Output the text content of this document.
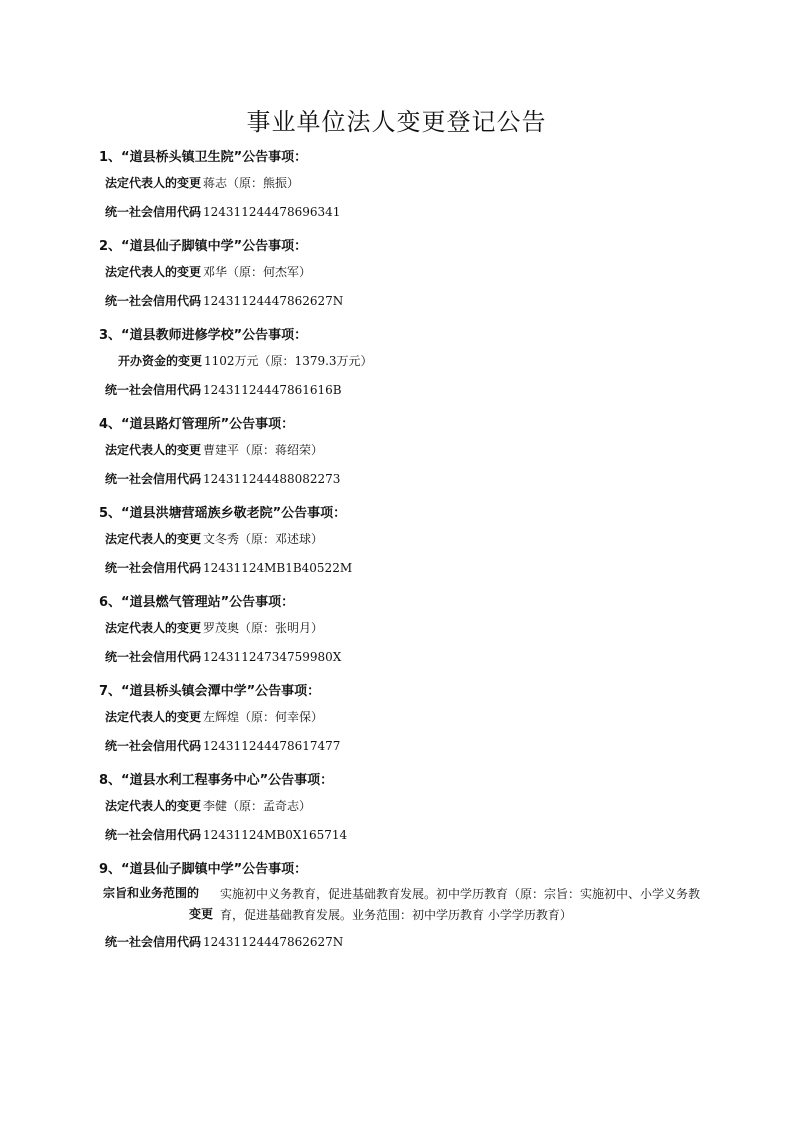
事业单位法人变更登记公告
1、“道县桥头镇卫生院”公告事项：
法定代表人的变更 蒋志（原：熊振）
统一社会信用代码 124311244478696341
2、“道县仙子脚镇中学”公告事项：
法定代表人的变更 邓华（原：何杰军）
统一社会信用代码 12431124447862627N
3、“道县教师进修学校”公告事项：
开办资金的变更 1102万元（原：1379.3万元）
统一社会信用代码 12431124447861616B
4、“道县路灯管理所”公告事项：
法定代表人的变更 曹建平（原：蒋绍荣）
统一社会信用代码 124311244488082273
5、“道县洪塘营瑶族乡敬老院”公告事项：
法定代表人的变更 文冬秀（原：邓述球）
统一社会信用代码 12431124MB1B40522M
6、“道县燃气管理站”公告事项：
法定代表人的变更 罗茂奥（原：张明月）
统一社会信用代码 12431124734759980X
7、“道县桥头镇会潭中学”公告事项：
法定代表人的变更 左辉煌（原：何幸保）
统一社会信用代码 124311244478617477
8、“道县水利工程事务中心”公告事项：
法定代表人的变更 李健（原：孟奇志）
统一社会信用代码 12431124MB0X165714
9、“道县仙子脚镇中学”公告事项：
宗旨和业务范围的
变更
实施初中义务教育，促进基础教育发展。初中学历教育（原：宗旨：实施初中、小学义务教育，促进基础教育发展。业务范围：初中学历教育 小学学历教育）
统一社会信用代码 12431124447862627N
